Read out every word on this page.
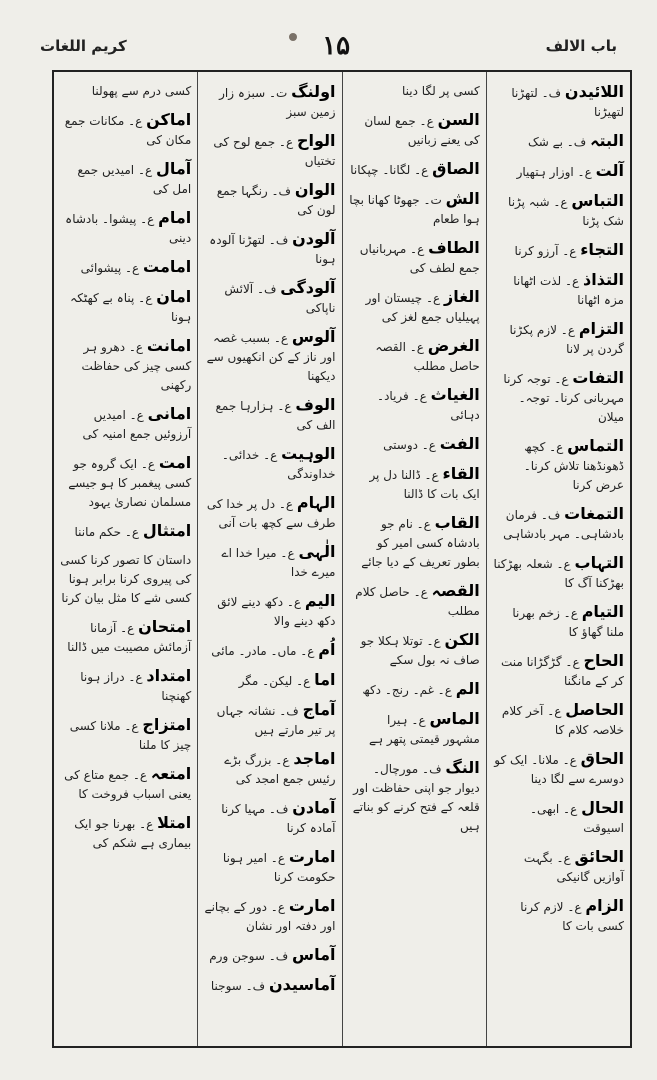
کریم اللغات	۱۵	باب الالف
اللائیدن ف۔ لتھڑنا لتھیڑنا
البتہ ف۔ بے شک
آلت ع۔ اوزار ہتھیار
التباس ع۔ شبہ پڑنا شک پڑنا
التجاء ع۔ آرزو کرنا
التذاذ ع۔ لذت اٹھانا مزہ اٹھانا
التزام ع۔ لازم پکڑنا گردن پر لانا
التفات ع۔ توجہ کرنا مہربانی کرنا۔ توجہ۔ میلان
التماس ع۔ کچھ ڈھونڈھنا تلاش کرنا۔ عرض کرنا
التمغات ف۔ فرمان بادشاہی۔ مہر بادشاہی
التہاب ع۔ شعلہ بھڑکنا بھڑکنا آگ کا
التیام ع۔ زخم بھرنا ملنا گھاؤ کا
الحاح ع۔ گڑگڑانا منت کر کے مانگنا
الحاصل ع۔ آخر کلام خلاصہ کلام کا
الحاق ع۔ ملانا۔ ایک کو دوسرے سے لگا دینا
الحال ع۔ ابھی۔ اسیوقت
الحائق ع۔ بگہت آوازیں گانیکی
الزام ع۔ لازم کرنا کسی بات کا
کسی پر لگا دینا
السن ع۔ جمع لسان کی یعنے زبانیں
الصاق ع۔ لگانا۔ چپکانا
الش ت۔ جھوٹا کھانا بچا ہوا طعام
الطاف ع۔ مہربانیاں جمع لطف کی
الغاز ع۔ چیستان اور پہیلیاں جمع لغز کی
الغرض ع۔ القصہ حاصل مطلب
الغیاث ع۔ فریاد۔ دہائی
الفت ع۔ دوستی
القاء ع۔ ڈالنا دل پر ایک بات کا ڈالنا
القاب ع۔ نام جو بادشاہ کسی امیر کو بطور تعریف کے دیا جائے
القصہ ع۔ حاصل کلام مطلب
الکن ع۔ توتلا ہکلا جو صاف نہ بول سکے
الم ع۔ غم۔ رنج۔ دکھ
الماس ع۔ ہیرا مشہور قیمتی پتھر ہے
النگ ف۔ مورچال۔ دیوار جو اپنی حفاظت اور قلعہ کے فتح کرنے کو بناتے ہیں
اولنگ ت۔ سبزہ زار زمین سبز
الواح ع۔ جمع لوح کی تختیاں
الوان ف۔ رنگہا جمع لون کی
آلودن ف۔ لتھڑنا آلودہ ہونا
آلودگی ف۔ آلائش ناپاکی
آلوس ع۔ بسبب غصہ اور ناز کے کن انکھیوں سے دیکھنا
الوف ع۔ ہزارہا جمع الف کی
الوہیت ع۔ خدائی۔ خداوندگی
الہام ع۔ دل پر خدا کی طرف سے کچھ بات آنی
الٰہی ع۔ میرا خدا اے میرے خدا
الیم ع۔ دکھ دینے لائق دکھ دینے والا
اُم ع۔ ماں۔ مادر۔ مائی
اما ع۔ لیکن۔ مگر
آماج ف۔ نشانہ جہاں پر تیر مارتے ہیں
اماجد ع۔ بزرگ بڑے رئیس جمع امجد کی
آمادن ف۔ مہیا کرنا آمادہ کرنا
امارت ع۔ امیر ہونا حکومت کرنا
امارت ع۔ دور کے بچانے اور دفتہ اور نشان
آماس ف۔ سوجن ورم
آماسیدن ف۔ سوجنا
کسی درم سے پھولنا
اماکن ع۔ مکانات جمع مکان کی
آمال ع۔ امیدیں جمع امل کی
امام ع۔ پیشوا۔ بادشاہ دینی
امامت ع۔ پیشوائی
امان ع۔ پناہ بے کھٹکہ ہونا
امانت ع۔ دھرو ہر کسی چیز کی حفاظت رکھنی
امانی ع۔ امیدیں آرزوئیں جمع امنیہ کی
امت ع۔ ایک گروہ جو کسی پیغمبر کا ہو جیسے مسلمان نصاریٰ یہود
امتثال ع۔ حکم ماننا
داستان کا تصور کرنا کسی کی پیروی کرنا برابر ہونا کسی شے کا مثل بیان کرنا
امتحان ع۔ آزمانا آزمائش مصیبت میں ڈالنا
امتداد ع۔ دراز ہونا کھنچنا
امتزاج ع۔ ملانا کسی چیز کا ملنا
امتعہ ع۔ جمع متاع کی یعنی اسباب فروخت کا
امتلا ع۔ بھرنا جو ایک بیماری ہے شکم کی
